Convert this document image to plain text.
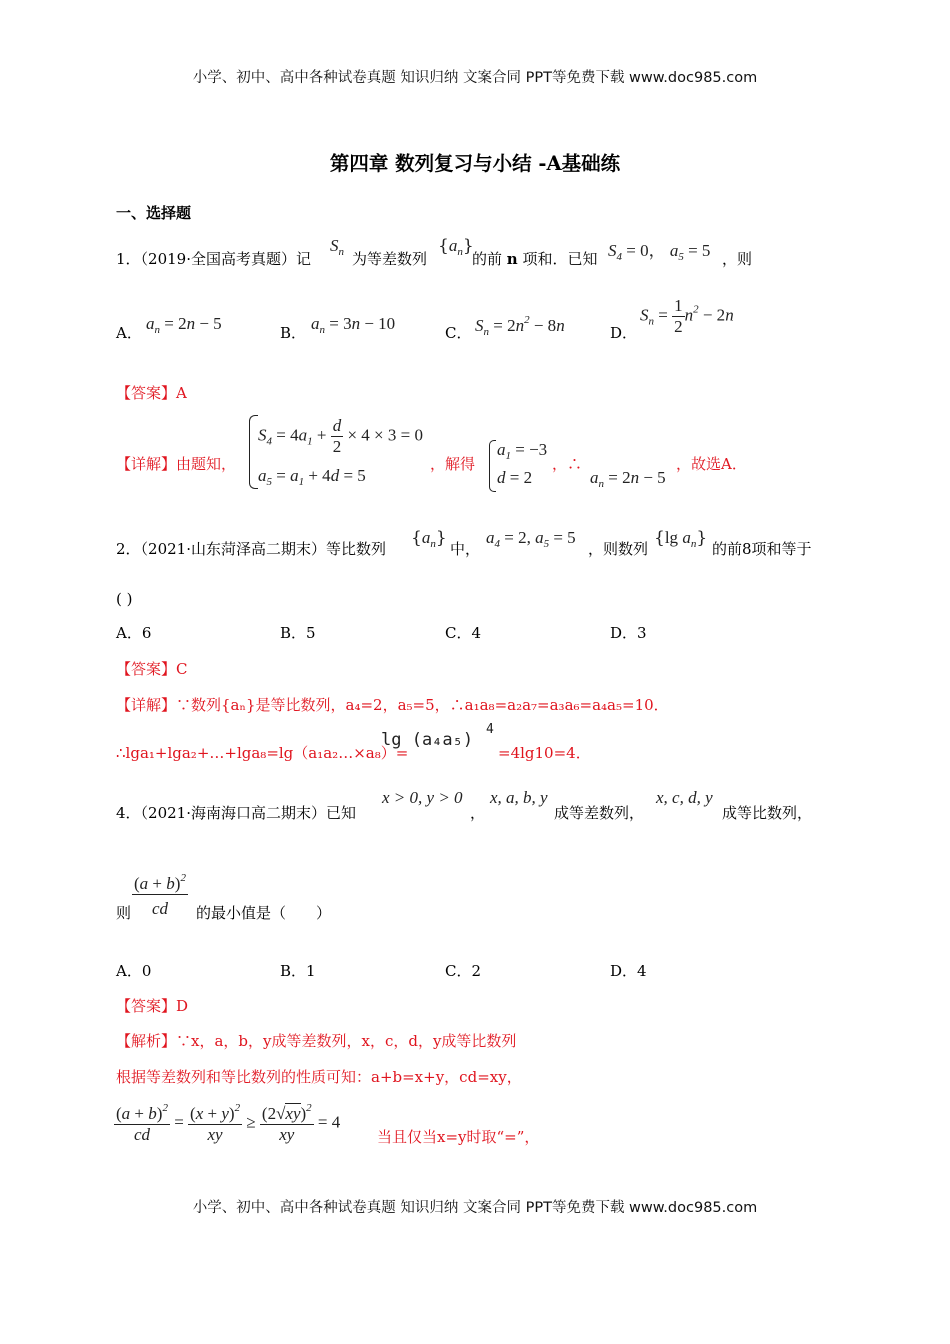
小学、初中、高中各种试卷真题 知识归纳 文案合同 PPT等免费下载 www.doc985.com
第四章 数列复习与小结 -A基础练
一、选择题
1．（2019·全国高考真题）记
$S_n$ 为等差数列
$\{a_n\}$
的前 n 项和．已知 $S_4 = 0$， $a_5 = 5$ ，则
A． $a_n = 2n - 5$	B． $a_n = 3n - 10$	C． $S_n = 2n^2 - 8n$	D．
$S_n = \frac{1}{2} n^2 - 2n$
【答案】A
【详解】由题知，
$S_4 = 4a_1 + \frac{d}{2} \times 4 \times 3 = 0$
$a_5 = a_1 + 4d = 5$
，解得
$a_1 = -3$
d = 2
，∴
$a_n = 2n - 5$
，故选A．
2．（2021·山东菏泽高二期末）等比数列
$\{a_n\}$
中，
$a_4 = 2$, $a_5 = 5$
，则数列
{lg $a_n$}
的前8项和等于
( )
A．6	B．5	C．4	D．3
【答案】C
【详解】∵数列{aₙ}是等比数列，a₄=2，a₅=5，∴a₁a₈=a₂a₇=a₃a₆=a₄a₅=10．
∴lga₁+lga₂+…+lga₈=lg（a₁a₂…×a₈）=
lg (a₄a₅)
4
=4lg10=4．
4．（2021·海南海口高二期末）已知
x > 0, y > 0
，
x, a, b, y
成等差数列，
x, c, d, y
成等比数列，
则 $\frac{(a + b)^2}{cd}$ 的最小值是（　　）
A．0	B．1	C．2	D．4
【答案】D
【解析】∵x，a，b，y成等差数列，x，c，d，y成等比数列
根据等差数列和等比数列的性质可知：a+b=x+y，cd=xy，
$\frac{(a + b)^2}{cd} = \frac{(x + y)^2}{xy} \ge \frac{(2√xy)^2}{xy} = 4$
当且仅当x=y时取“=”，
小学、初中、高中各种试卷真题 知识归纳 文案合同 PPT等免费下载 www.doc985.com
